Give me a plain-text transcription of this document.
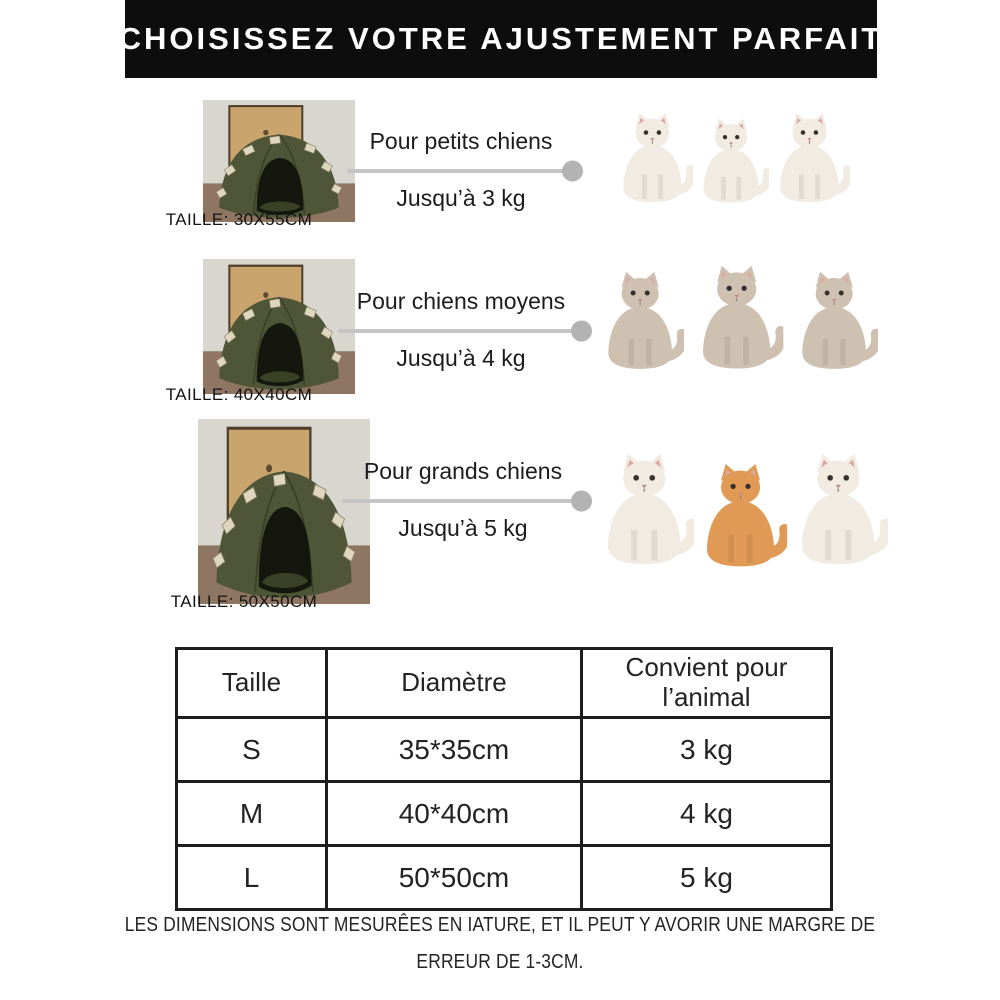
CHOISISSEZ VOTRE AJUSTEMENT PARFAIT
TAILLE: 30X55CM
Pour petits chiens
Jusqu’à 3 kg
TAILLE: 40X40CM
Pour chiens moyens
Jusqu’à 4 kg
TAILLE: 50X50CM
Pour grands chiens
Jusqu’à 5 kg
Taille	Diamètre	Convient pour l’animal
S	35*35cm	3 kg
M	40*40cm	4 kg
L	50*50cm	5 kg
LES DIMENSIONS SONT MESURÊES EN IATURE, ET IL PEUT Y AVORIR UNE MARGRE DE
ERREUR DE 1-3CM.
